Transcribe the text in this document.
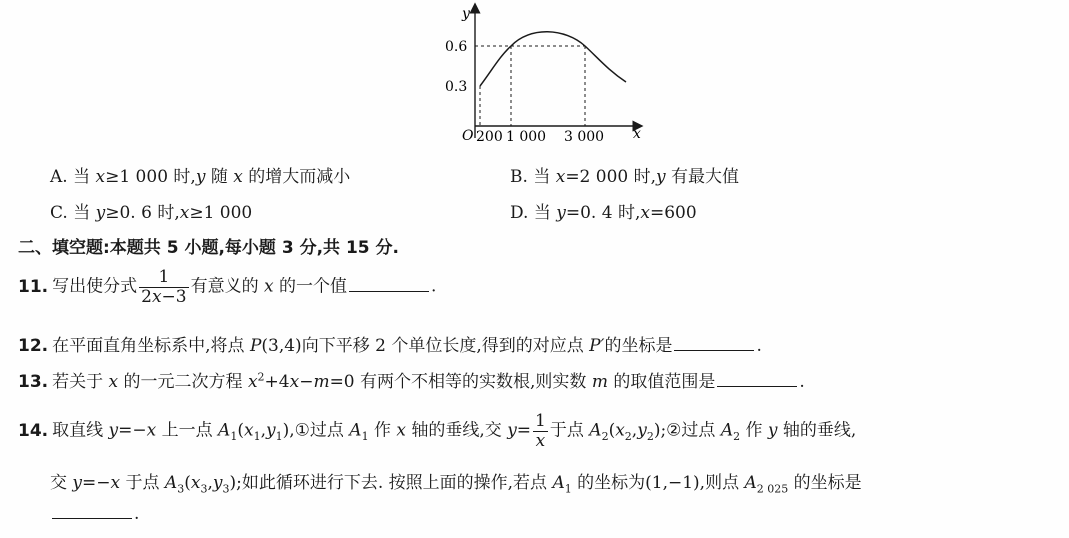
y
x
O
0.6
0.3
200 1 000 3 000
A. 当 x≥1 000 时,y 随 x 的增大而减小	B. 当 x=2 000 时,y 有最大值
C. 当 y≥0. 6 时,x≥1 000	D. 当 y=0. 4 时,x=600
二、填空题:本题共 5 小题,每小题 3 分,共 15 分.
11. 写出使分式 $\frac{1}{2x-3}$ 有意义的 x 的一个值	.
12. 在平面直角坐标系中,将点 P(3,4)向下平移 2 个单位长度,得到的对应点 P′的坐标是	.
13. 若关于 x 的一元二次方程 $x^2+4x-m=0$ 有两个不相等的实数根,则实数 m 的取值范围是	.
14. 取直线 y=−x 上一点 $A_1(x_1,y_1),①$过点 $A_1$ 作 x 轴的垂线,交 $y= \frac{1}{x}$ 于点 $A_2(x_2,y_2);②$过点 $A_2$ 作 y 轴的垂线,
交 y=−x 于点 $A_3(x_3,y_3)$;如此循环进行下去. 按照上面的操作,若点 $A_1$ 的坐标为(1,−1),则点 $A_{2 025}$ 的坐标是
.
